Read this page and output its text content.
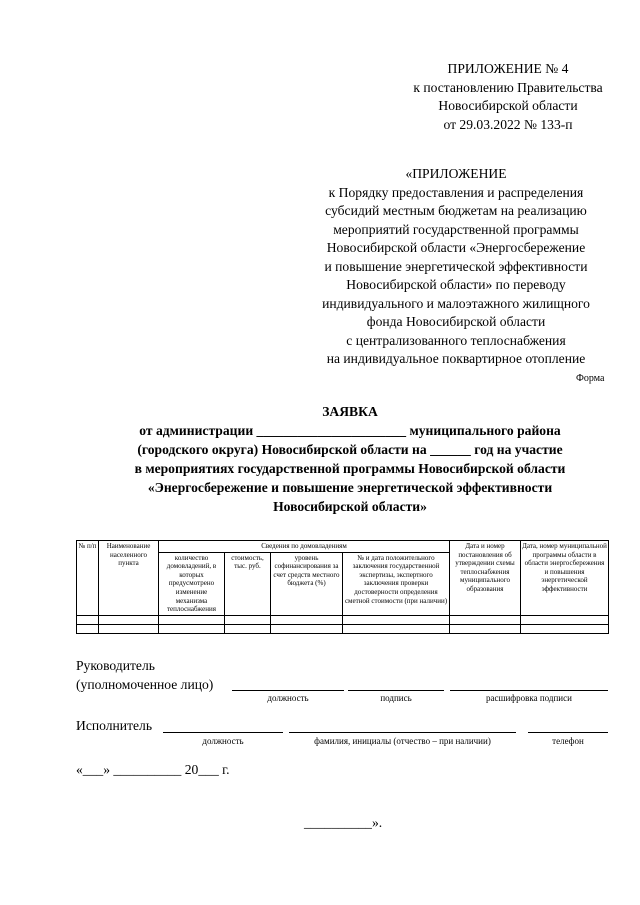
ПРИЛОЖЕНИЕ № 4
к постановлению Правительства
Новосибирской области
от 29.03.2022 № 133-п
«ПРИЛОЖЕНИЕ
к Порядку предоставления и распределения
субсидий местным бюджетам на реализацию
мероприятий государственной программы
Новосибирской области «Энергосбережение
и повышение энергетической эффективности
Новосибирской области» по переводу
индивидуального и малоэтажного жилищного
фонда Новосибирской области
с централизованного теплоснабжения
на индивидуальное поквартирное отопление
Форма
ЗАЯВКА
от администрации ______________________ муниципального района
(городского округа) Новосибирской области на ______ год на участие
в мероприятиях государственной программы Новосибирской области
«Энергосбережение и повышение энергетической эффективности
Новосибирской области»
№ п/п	Наименование населенного пункта	Сведения по домовладениям				Дата и номер постановления об утверждении схемы теплоснабжения муниципального образования	Дата, номер муниципальной программы области в области энергосбережения и повышения энергетической эффективности
		количество домовладений, в которых предусмотрено изменение механизма теплоснабжения	стоимость, тыс. руб.	уровень софинансирования за счет средств местного бюджета (%)	№ и дата положительного заключения государственной экспертизы, экспертного заключения проверки достоверности определения сметной стоимости (при наличии)		

Руководитель
(уполномоченное лицо)
должность	подпись	расшифровка подписи
Исполнитель
должность	фамилия, инициалы (отчество – при наличии)	телефон
«___» __________ 20___ г.
__________».
